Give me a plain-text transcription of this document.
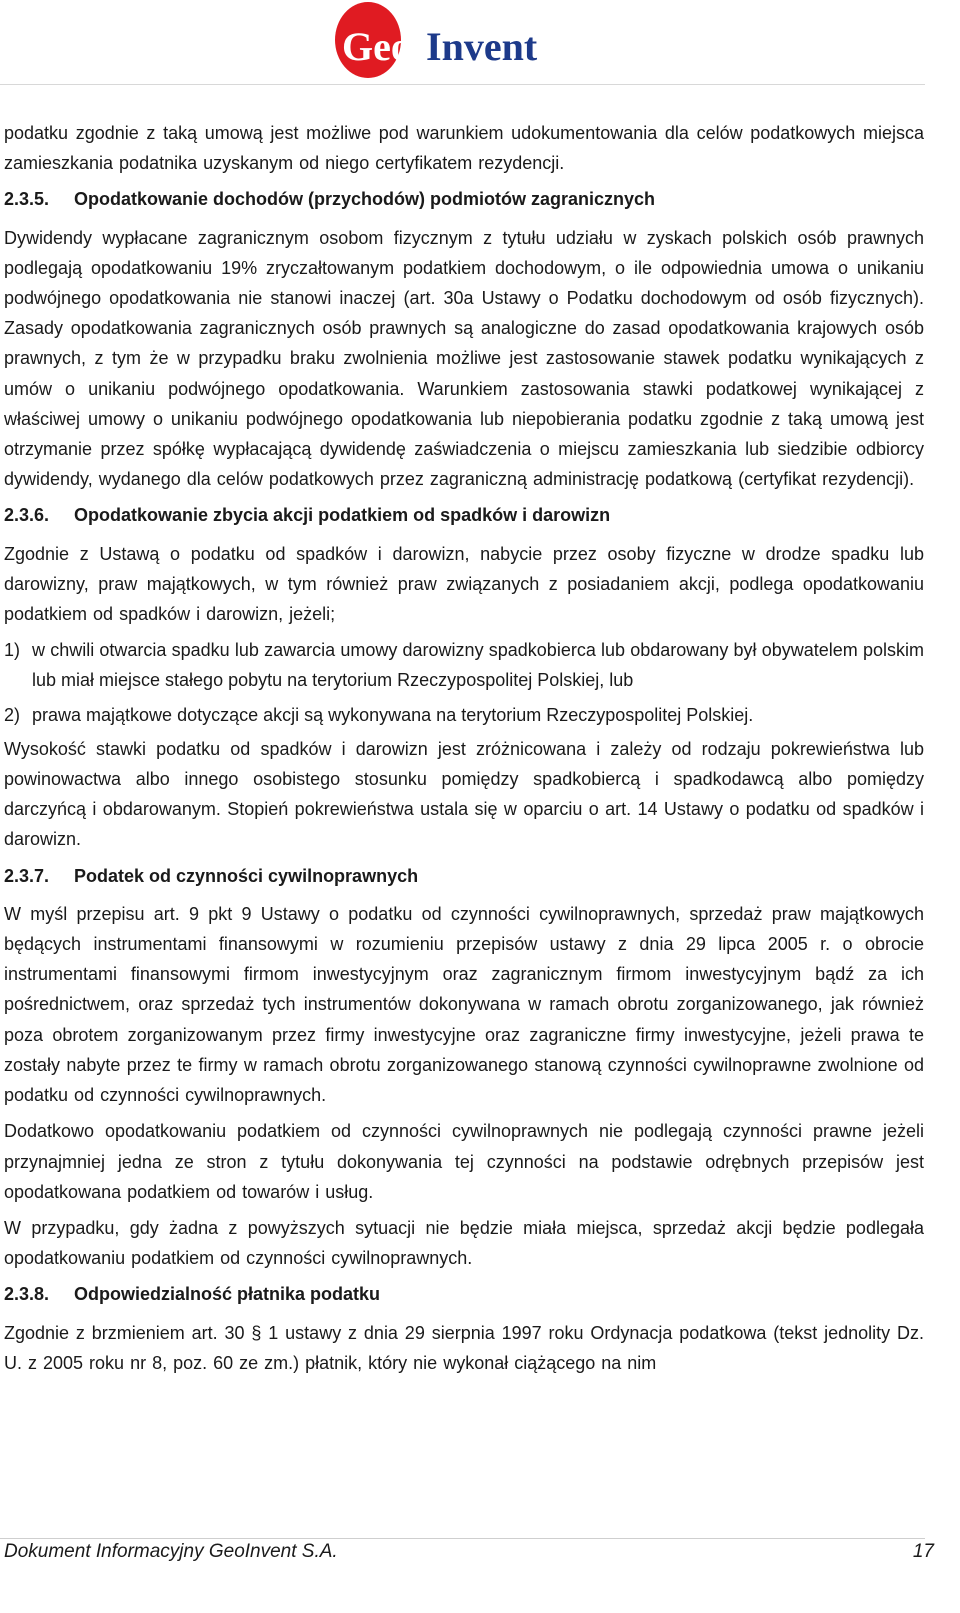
Geo Invent

podatku zgodnie z taką umową jest możliwe pod warunkiem udokumentowania dla celów podatkowych miejsca zamieszkania podatnika uzyskanym od niego certyfikatem rezydencji.

2.3.5.	Opodatkowanie dochodów (przychodów) podmiotów zagranicznych

Dywidendy wypłacane zagranicznym osobom fizycznym z tytułu udziału w zyskach polskich osób prawnych podlegają opodatkowaniu 19% zryczałtowanym podatkiem dochodowym, o ile odpowiednia umowa o unikaniu podwójnego opodatkowania nie stanowi inaczej (art. 30a Ustawy o Podatku dochodowym od osób fizycznych). Zasady opodatkowania zagranicznych osób prawnych są analogiczne do zasad opodatkowania krajowych osób prawnych, z tym że w przypadku braku zwolnienia możliwe jest zastosowanie stawek podatku wynikających z umów o unikaniu podwójnego opodatkowania. Warunkiem zastosowania stawki podatkowej wynikającej z właściwej umowy o unikaniu podwójnego opodatkowania lub niepobierania podatku zgodnie z taką umową jest otrzymanie przez spółkę wypłacającą dywidendę zaświadczenia o miejscu zamieszkania lub siedzibie odbiorcy dywidendy, wydanego dla celów podatkowych przez zagraniczną administrację podatkową (certyfikat rezydencji).

2.3.6.	Opodatkowanie zbycia akcji podatkiem od spadków i darowizn

Zgodnie z Ustawą o podatku od spadków i darowizn, nabycie przez osoby fizyczne w drodze spadku lub darowizny, praw majątkowych, w tym również praw związanych z posiadaniem akcji, podlega opodatkowaniu podatkiem od spadków i darowizn, jeżeli;

1) w chwili otwarcia spadku lub zawarcia umowy darowizny spadkobierca lub obdarowany był obywatelem polskim lub miał miejsce stałego pobytu na terytorium Rzeczypospolitej Polskiej, lub
2) prawa majątkowe dotyczące akcji są wykonywana na terytorium Rzeczypospolitej Polskiej.

Wysokość stawki podatku od spadków i darowizn jest zróżnicowana i zależy od rodzaju pokrewieństwa lub powinowactwa albo innego osobistego stosunku pomiędzy spadkobiercą i spadkodawcą albo pomiędzy darczyńcą i obdarowanym. Stopień pokrewieństwa ustala się w oparciu o art. 14 Ustawy o podatku od spadków i darowizn.

2.3.7.	Podatek od czynności cywilnoprawnych

W myśl przepisu art. 9 pkt 9 Ustawy o podatku od czynności cywilnoprawnych, sprzedaż praw majątkowych będących instrumentami finansowymi w rozumieniu przepisów ustawy z dnia 29 lipca 2005 r. o obrocie instrumentami finansowymi firmom inwestycyjnym oraz zagranicznym firmom inwestycyjnym bądź za ich pośrednictwem, oraz sprzedaż tych instrumentów dokonywana w ramach obrotu zorganizowanego, jak również poza obrotem zorganizowanym przez firmy inwestycyjne oraz zagraniczne firmy inwestycyjne, jeżeli prawa te zostały nabyte przez te firmy w ramach obrotu zorganizowanego stanową czynności cywilnoprawne zwolnione od podatku od czynności cywilnoprawnych.

Dodatkowo opodatkowaniu podatkiem od czynności cywilnoprawnych nie podlegają czynności prawne jeżeli przynajmniej jedna ze stron z tytułu dokonywania tej czynności na podstawie odrębnych przepisów jest opodatkowana podatkiem od towarów i usług.

W przypadku, gdy żadna z powyższych sytuacji nie będzie miała miejsca, sprzedaż akcji będzie podlegała opodatkowaniu podatkiem od czynności cywilnoprawnych.

2.3.8.	Odpowiedzialność płatnika podatku

Zgodnie z brzmieniem art. 30 § 1 ustawy z dnia 29 sierpnia 1997 roku Ordynacja podatkowa (tekst jednolity Dz. U. z 2005 roku nr 8, poz. 60 ze zm.) płatnik, który nie wykonał ciążącego na nim

Dokument Informacyjny GeoInvent S.A.	17
